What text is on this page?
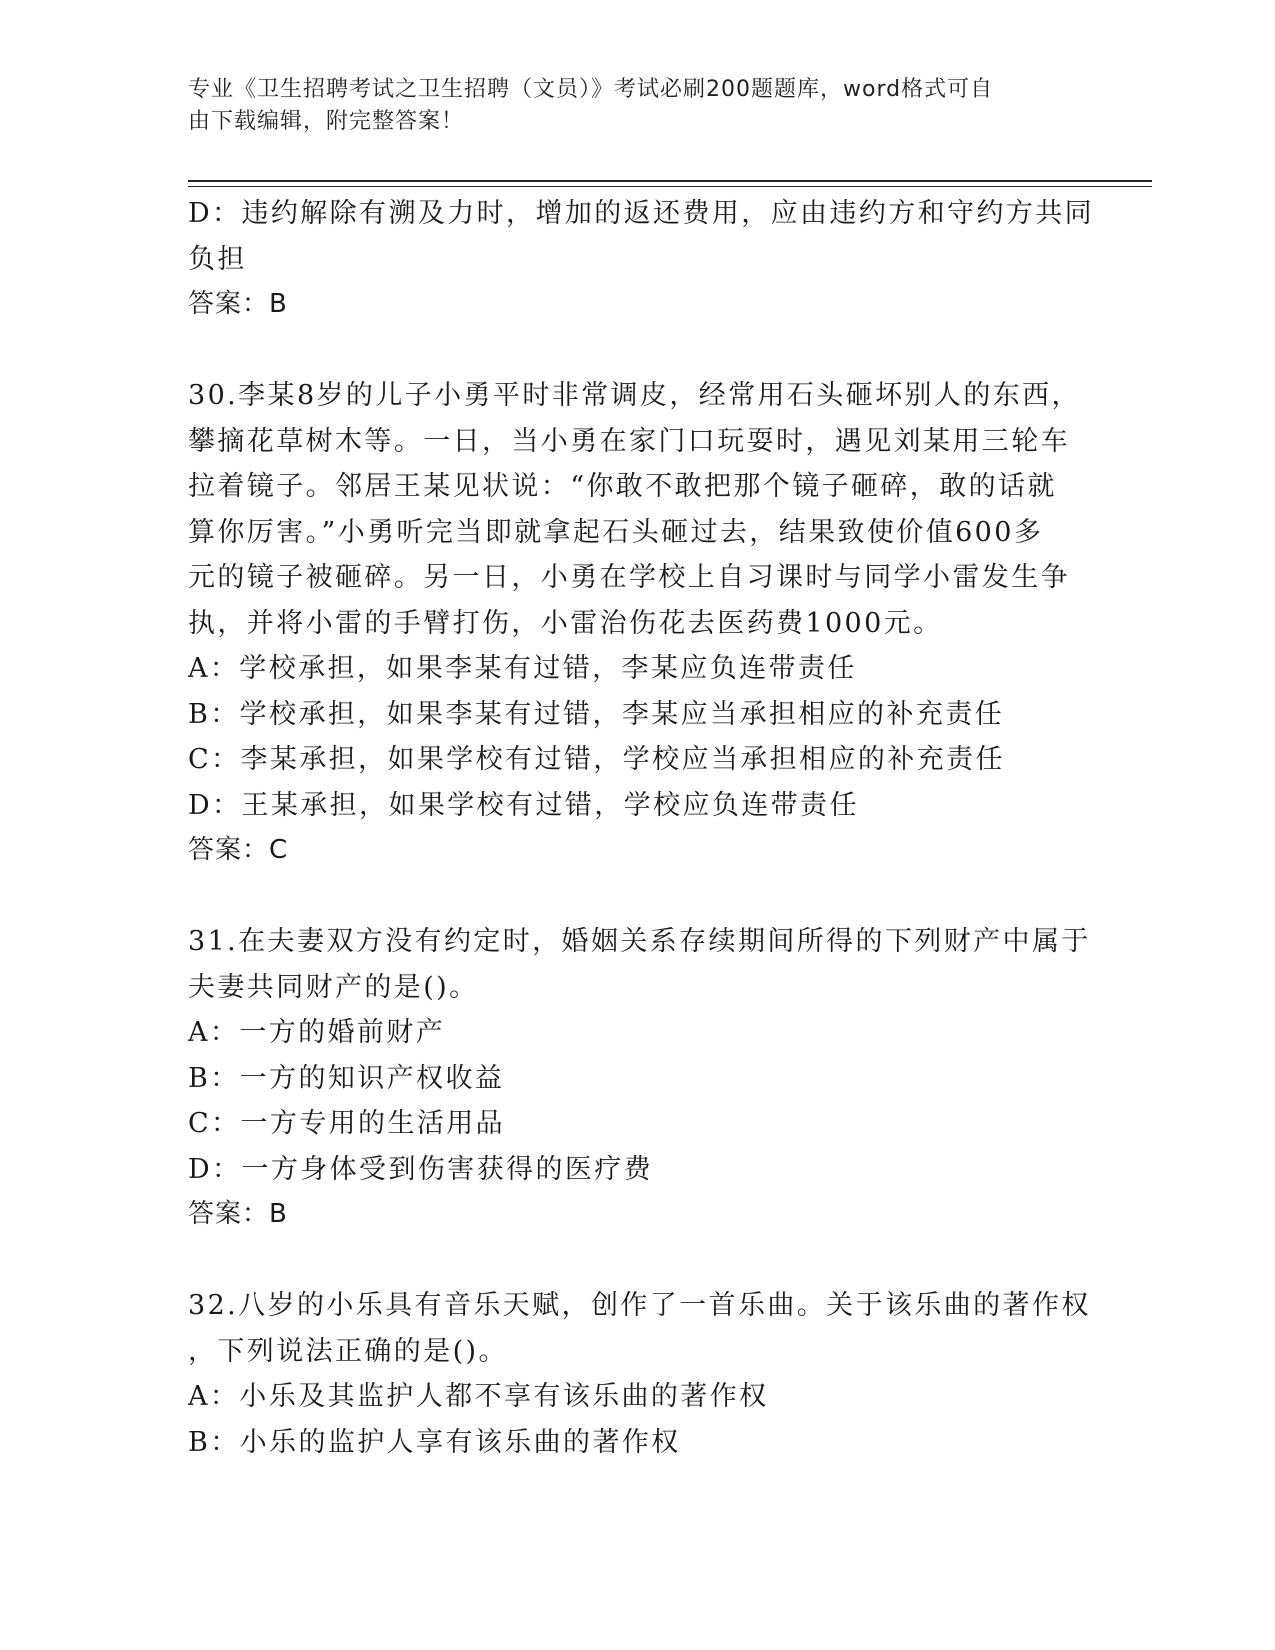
专业《卫生招聘考试之卫生招聘（文员）》考试必刷200题题库，word格式可自
由下载编辑，附完整答案！

D：违约解除有溯及力时，增加的返还费用，应由违约方和守约方共同

负担

答案：B

30.李某8岁的儿子小勇平时非常调皮，经常用石头砸坏别人的东西，

攀摘花草树木等。一日，当小勇在家门口玩耍时，遇见刘某用三轮车

拉着镜子。邻居王某见状说：“你敢不敢把那个镜子砸碎，敢的话就

算你厉害。”小勇听完当即就拿起石头砸过去，结果致使价值600多

元的镜子被砸碎。另一日，小勇在学校上自习课时与同学小雷发生争

执，并将小雷的手臂打伤，小雷治伤花去医药费1000元。

A：学校承担，如果李某有过错，李某应负连带责任

B：学校承担，如果李某有过错，李某应当承担相应的补充责任

C：李某承担，如果学校有过错，学校应当承担相应的补充责任

D：王某承担，如果学校有过错，学校应负连带责任

答案：C

31.在夫妻双方没有约定时，婚姻关系存续期间所得的下列财产中属于

夫妻共同财产的是()。

A：一方的婚前财产

B：一方的知识产权收益

C：一方专用的生活用品

D：一方身体受到伤害获得的医疗费

答案：B

32.八岁的小乐具有音乐天赋，创作了一首乐曲。关于该乐曲的著作权

，下列说法正确的是()。

A：小乐及其监护人都不享有该乐曲的著作权

B：小乐的监护人享有该乐曲的著作权
